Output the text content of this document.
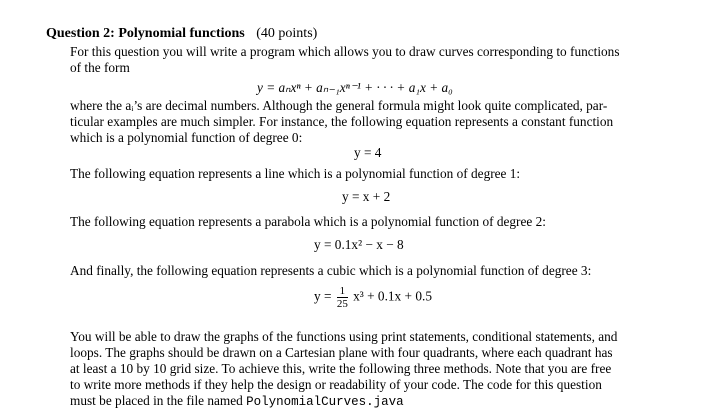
Question 2: Polynomial functions (40 points)
For this question you will write a program which allows you to draw curves corresponding to functions
of the form
y = aₙxⁿ + aₙ₋₁xⁿ⁻¹ + · · · + a₁x + a₀
where the aᵢ’s are decimal numbers. Although the general formula might look quite complicated, par-
ticular examples are much simpler. For instance, the following equation represents a constant function
which is a polynomial function of degree 0:
y = 4
The following equation represents a line which is a polynomial function of degree 1:
y = x + 2
The following equation represents a parabola which is a polynomial function of degree 2:
y = 0.1x² − x − 8
And finally, the following equation represents a cubic which is a polynomial function of degree 3:
$y = \frac{1}{25} x^3 + 0.1x + 0.5$
You will be able to draw the graphs of the functions using print statements, conditional statements, and
loops. The graphs should be drawn on a Cartesian plane with four quadrants, where each quadrant has
at least a 10 by 10 grid size. To achieve this, write the following three methods. Note that you are free
to write more methods if they help the design or readability of your code. The code for this question
must be placed in the file named PolynomialCurves.java
